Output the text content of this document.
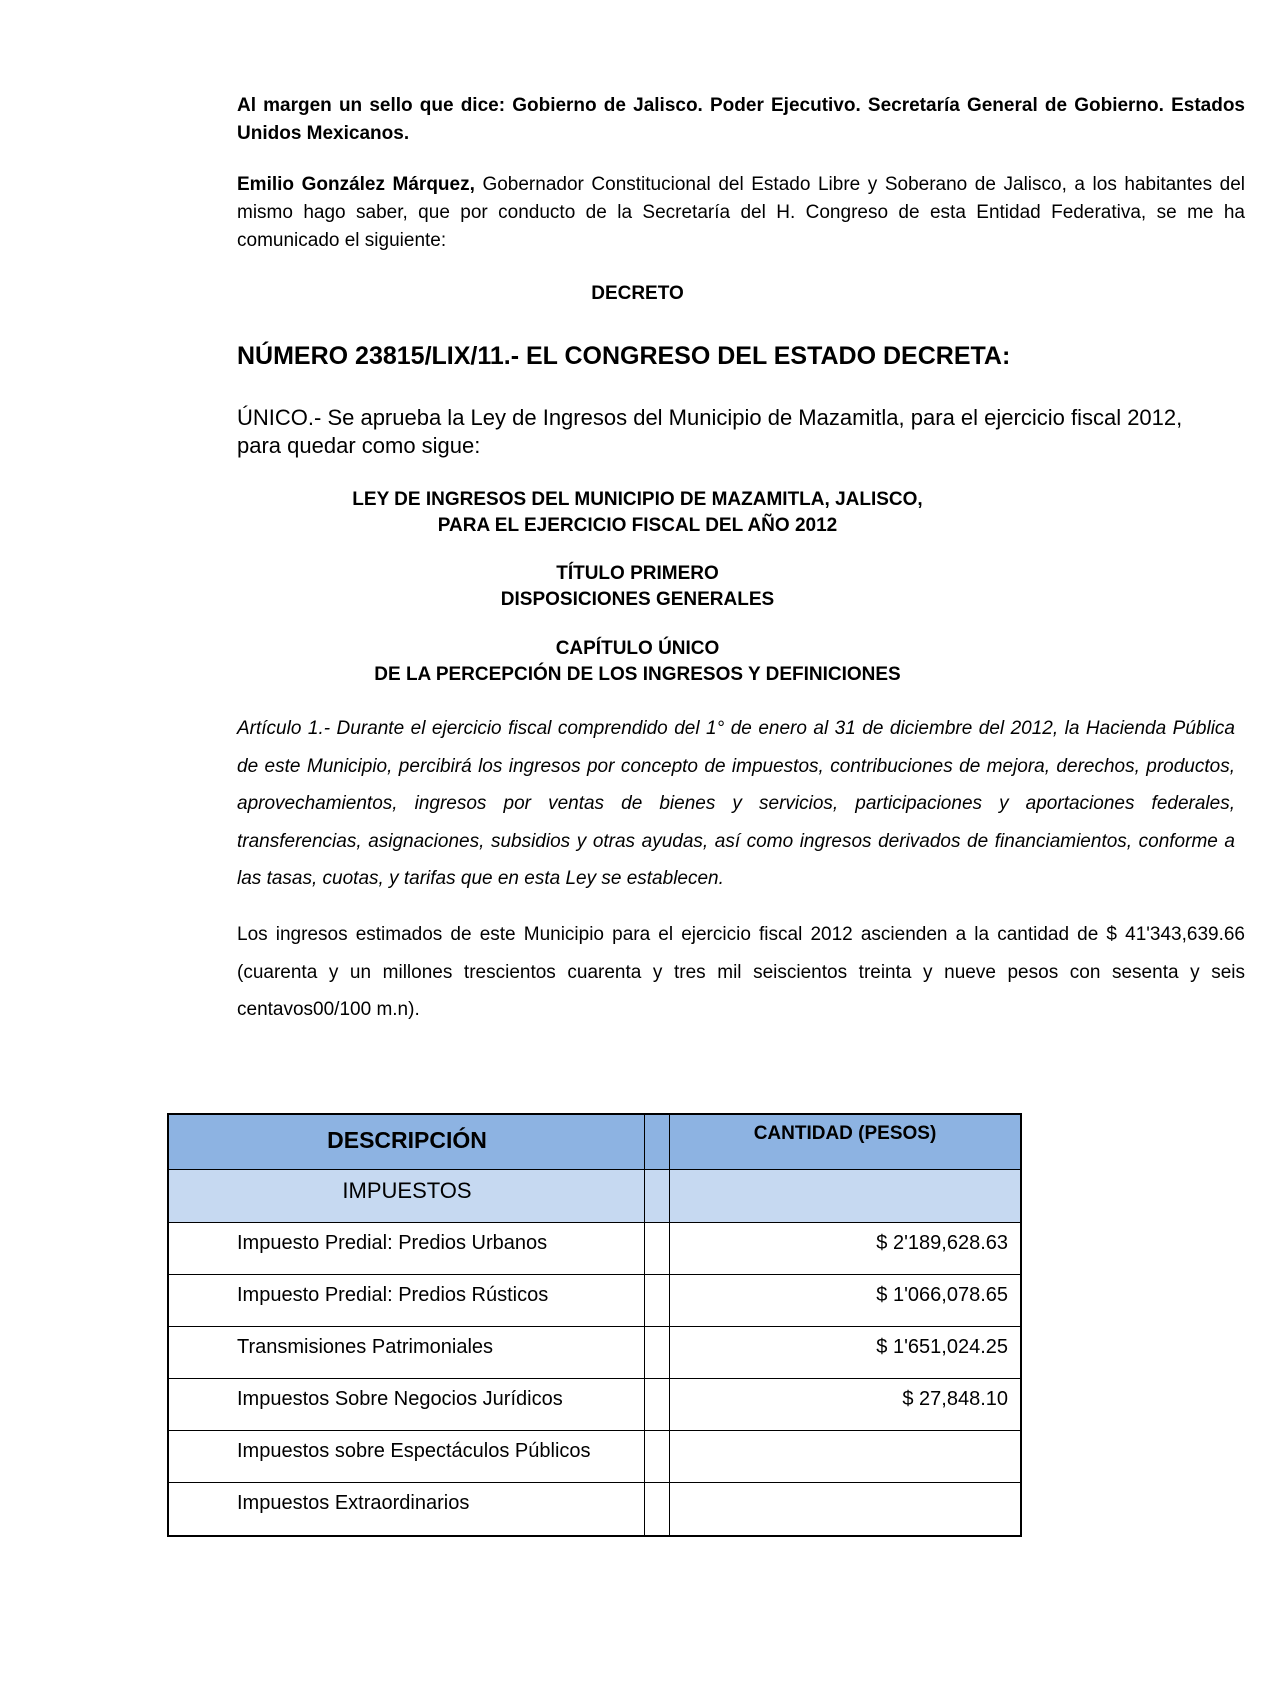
Al margen un sello que dice: Gobierno de Jalisco. Poder Ejecutivo. Secretaría General de Gobierno. Estados Unidos Mexicanos.

Emilio González Márquez, Gobernador Constitucional del Estado Libre y Soberano de Jalisco, a los habitantes del mismo hago saber, que por conducto de la Secretaría del H. Congreso de esta Entidad Federativa, se me ha comunicado el siguiente:

DECRETO
NÚMERO 23815/LIX/11.- EL CONGRESO DEL ESTADO DECRETA:

ÚNICO.- Se aprueba la Ley de Ingresos del Municipio de Mazamitla, para el ejercicio fiscal 2012, para quedar como sigue:

LEY DE INGRESOS DEL MUNICIPIO DE MAZAMITLA, JALISCO,
PARA EL EJERCICIO FISCAL DEL AÑO 2012
TÍTULO PRIMERO
DISPOSICIONES GENERALES
CAPÍTULO ÚNICO
DE LA PERCEPCIÓN DE LOS INGRESOS Y DEFINICIONES

Artículo 1.- Durante el ejercicio fiscal comprendido del 1° de enero al 31 de diciembre del 2012, la Hacienda Pública de este Municipio, percibirá los ingresos por concepto de impuestos, contribuciones de mejora, derechos, productos, aprovechamientos, ingresos por ventas de bienes y servicios, participaciones y aportaciones federales, transferencias, asignaciones, subsidios y otras ayudas, así como ingresos derivados de financiamientos, conforme a las tasas, cuotas, y tarifas que en esta Ley se establecen.

Los ingresos estimados de este Municipio para el ejercicio fiscal 2012 ascienden a la cantidad de $ 41'343,639.66 (cuarenta y un millones trescientos cuarenta y tres mil seiscientos treinta y nueve pesos con sesenta y seis centavos00/100 m.n).

DESCRIPCIÓN	CANTIDAD (PESOS)
IMPUESTOS
Impuesto Predial: Predios Urbanos	$ 2'189,628.63
Impuesto Predial: Predios Rústicos	$ 1'066,078.65
Transmisiones Patrimoniales	$ 1'651,024.25
Impuestos Sobre Negocios Jurídicos	$ 27,848.10
Impuestos sobre Espectáculos Públicos
Impuestos Extraordinarios
